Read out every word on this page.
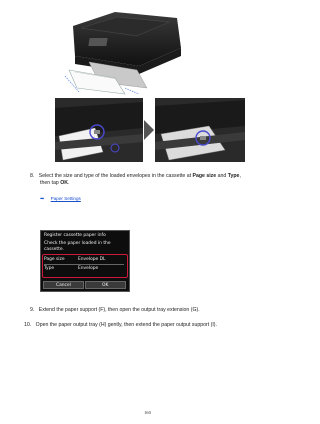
8. Select the size and type of the loaded envelopes in the cassette at Page size and Type,
then tap OK.
➡ Paper Settings
Register cassette paper info
Check the paper loaded in the
cassette.
Page size	Envelope DL
Type	Envelope
Cancel	OK
9. Extend the paper support (F), then open the output tray extension (G).
10. Open the paper output tray (H) gently, then extend the paper output support (I).
160
